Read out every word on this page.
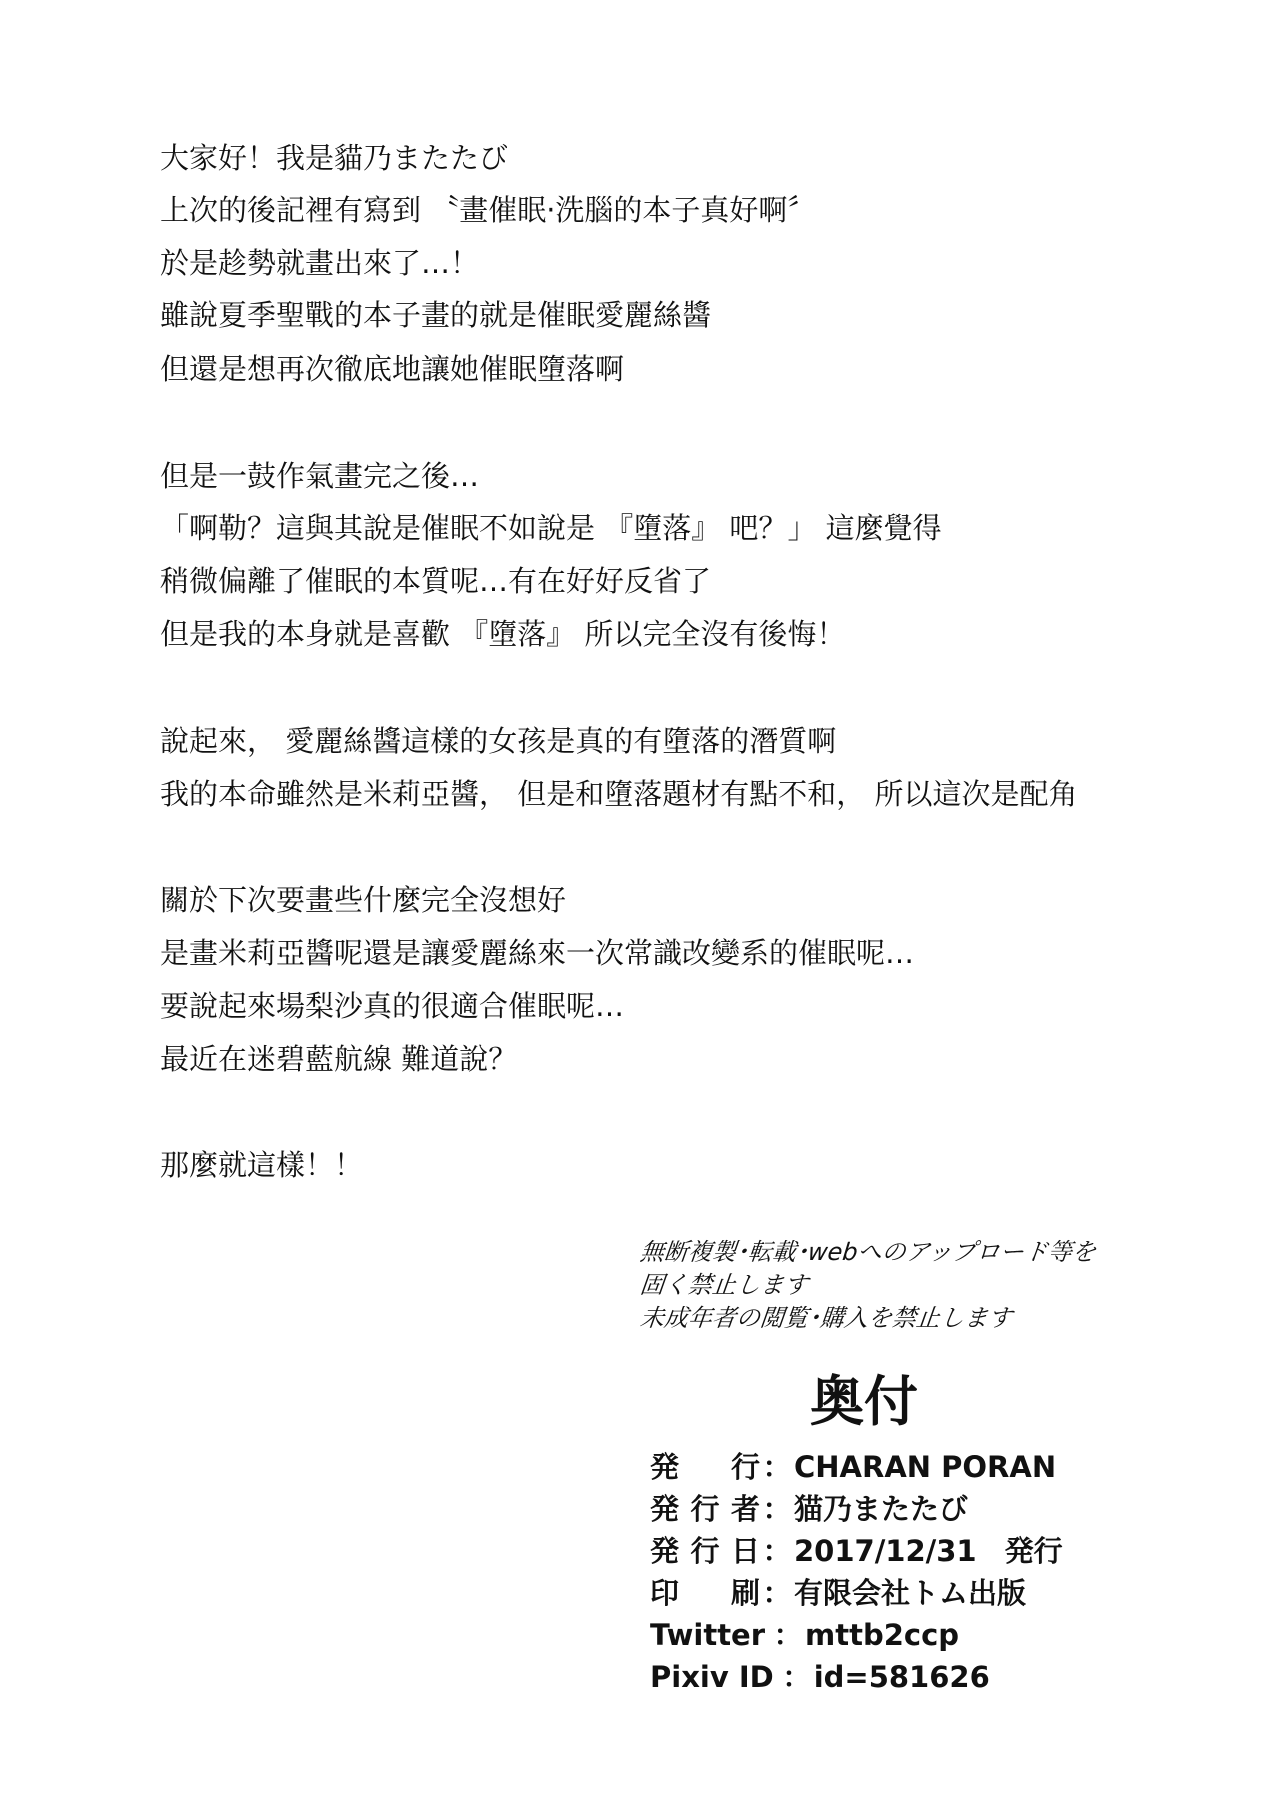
大家好！我是貓乃またたび
上次的後記裡有寫到 〝畫催眠·洗腦的本子真好啊〞
於是趁勢就畫出來了…！
雖說夏季聖戰的本子畫的就是催眠愛麗絲醬
但還是想再次徹底地讓她催眠墮落啊
但是一鼓作氣畫完之後…
「啊勒？這與其說是催眠不如說是 『墮落』 吧？」 這麼覺得
稍微偏離了催眠的本質呢…有在好好反省了
但是我的本身就是喜歡 『墮落』 所以完全沒有後悔！
說起來， 愛麗絲醬這樣的女孩是真的有墮落的潛質啊
我的本命雖然是米莉亞醬， 但是和墮落題材有點不和， 所以這次是配角
關於下次要畫些什麼完全沒想好
是畫米莉亞醬呢還是讓愛麗絲來一次常識改變系的催眠呢…
要說起來場梨沙真的很適合催眠呢…
最近在迷碧藍航線 難道說？
那麼就這樣！！
無断複製･転載･webへのアップロード等を
固く禁止します
未成年者の閲覧･購入を禁止します
奥付
発行 ： CHARAN PORAN
発行者 ： 猫乃またたび
発行日 ： 2017/12/31 発行
印刷 ： 有限会社トム出版
Twitter ： mttb2ccp
Pixiv ID ： id=581626
